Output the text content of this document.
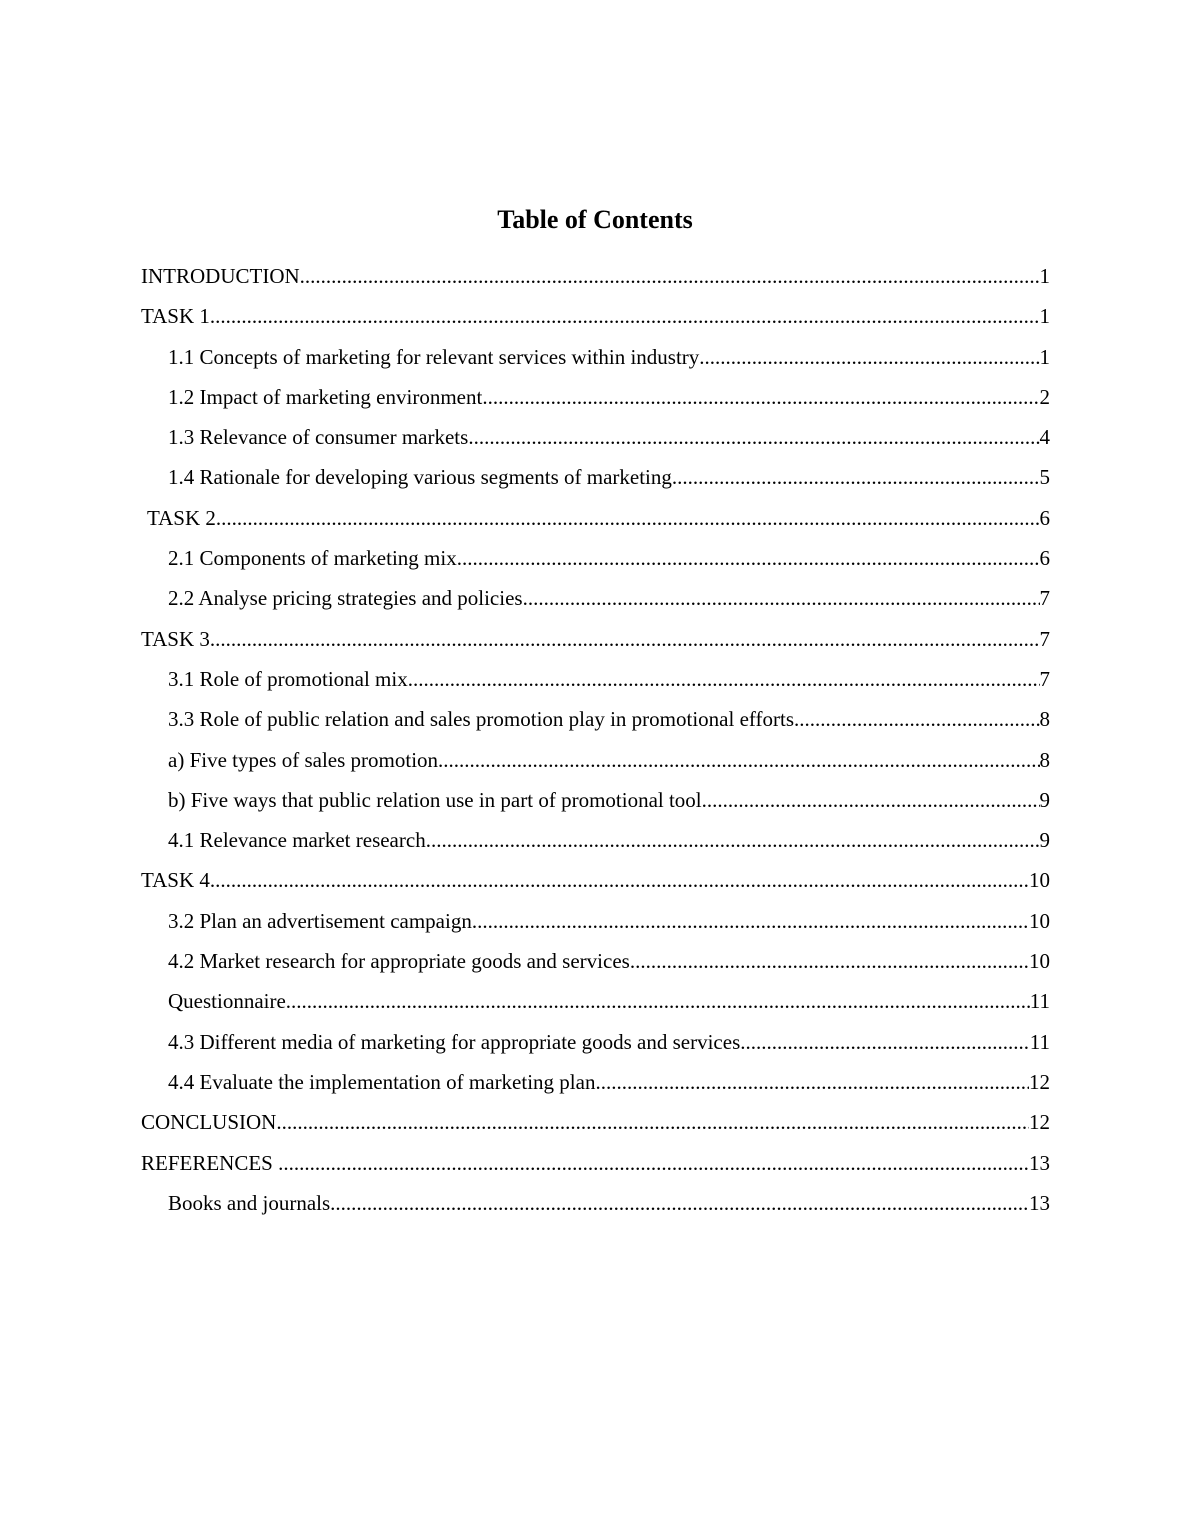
Table of Contents
INTRODUCTION .....	1
TASK 1 .....	1
1.1 Concepts of marketing for relevant services within industry .....	1
1.2 Impact of marketing environment .....	2
1.3 Relevance of consumer markets .....	4
1.4 Rationale for developing various segments of marketing .....	5
TASK 2 .....	6
2.1 Components of marketing mix .....	6
2.2 Analyse pricing strategies and policies .....	7
TASK 3 .....	7
3.1 Role of promotional mix .....	7
3.3 Role of public relation and sales promotion play in promotional efforts .....	8
a) Five types of sales promotion .....	8
b) Five ways that public relation use in part of promotional tool .....	9
4.1 Relevance market research .....	9
TASK 4 .....	10
3.2 Plan an advertisement campaign .....	10
4.2 Market research for appropriate goods and services .....	10
Questionnaire .....	11
4.3 Different media of marketing for appropriate goods and services .....	11
4.4 Evaluate the implementation of marketing plan .....	12
CONCLUSION .....	12
REFERENCES .....	13
Books and journals .....	13
